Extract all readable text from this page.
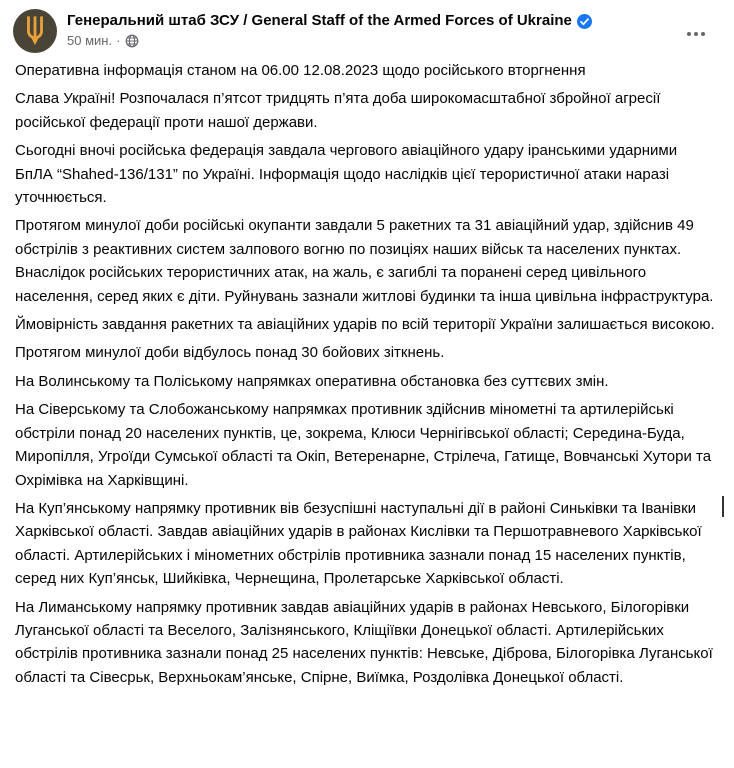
Генеральний штаб ЗСУ / General Staff of the Armed Forces of Ukraine
50 мин. ·

Оперативна інформація станом на 06.00 12.08.2023 щодо російського вторгнення

Слава Україні! Розпочалася п’ятсот тридцять п’ята доба широкомасштабної збройної агресії російської федерації проти нашої держави.

Сьогодні вночі російська федерація завдала чергового авіаційного удару іранськими ударними БпЛА “Shahed-136/131” по Україні. Інформація щодо наслідків цієї терористичної атаки наразі уточнюється.

Протягом минулої доби російські окупанти завдали 5 ракетних та 31 авіаційний удар, здійснив 49 обстрілів з реактивних систем залпового вогню по позиціях наших військ та населених пунктах. Внаслідок російських терористичних атак, на жаль, є загиблі та поранені серед цивільного населення, серед яких є діти. Руйнувань зазнали житлові будинки та інша цивільна інфраструктура.

Ймовірність завдання ракетних та авіаційних ударів по всій території України залишається високою.

Протягом минулої доби відбулось понад 30 бойових зіткнень.

На Волинському та Поліському напрямках оперативна обстановка без суттєвих змін.

На Сіверському та Слобожанському напрямках противник здійснив мінометні та артилерійські обстріли понад 20 населених пунктів, це, зокрема, Клюси Чернігівської області; Середина-Буда, Миропілля, Угроїди Сумської області та Окіп, Ветеренарне, Стрілеча, Гатище, Вовчанські Хутори та Охрімівка на Харківщині.

На Куп’янському напрямку противник вів безуспішні наступальні дії в районі Синьківки та Іванівки Харківської області. Завдав авіаційних ударів в районах Кислівки та Першотравневого Харківської області. Артилерійських і мінометних обстрілів противника зазнали понад 15 населених пунктів, серед них Куп’янськ, Шийківка, Чернещина, Пролетарське Харківської області.

На Лиманському напрямку противник завдав авіаційних ударів в районах Невського, Білогорівки Луганської області та Веселого, Залізнянського, Кліщіївки Донецької області. Артилерійських обстрілів противника зазнали понад 25 населених пунктів: Невське, Діброва, Білогорівка Луганської області та Сівесрьк, Верхньокам’янське, Спірне, Виїмка, Роздолівка Донецької області.
